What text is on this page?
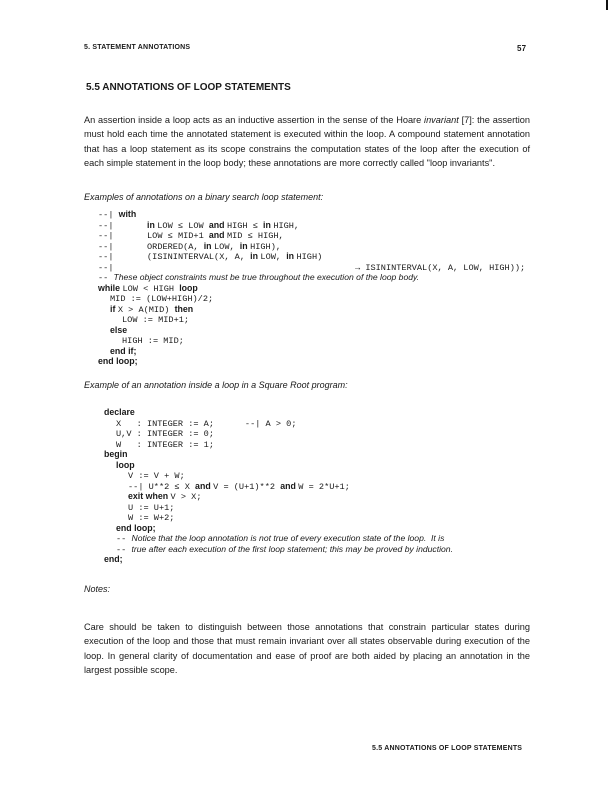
5. STATEMENT ANNOTATIONS	57
5.5 ANNOTATIONS OF LOOP STATEMENTS
An assertion inside a loop acts as an inductive assertion in the sense of the Hoare invariant [7]: the assertion must hold each time the annotated statement is executed within the loop. A compound statement annotation that has a loop statement as its scope constrains the computation states of the loop after the execution of each simple statement in the loop body; these annotations are more correctly called "loop invariants".
Examples of annotations on a binary search loop statement:
--| with
--|
--|
--|
--|
--|
-- These object constraints must be true throughout the execution of the loop body.
while LOW < HIGH loop
MID := (LOW+HIGH)/2;
if X > A(MID) then
LOW := MID+1;
else
HIGH := MID;
end if;
end loop;
in LOW ≤ LOW and HIGH ≤ in HIGH,
LOW ≤ MID+1 and MID ≤ HIGH,
ORDERED(A, in LOW, in HIGH),
(ISININTERVAL(X, A, in LOW, in HIGH)
→ ISININTERVAL(X, A, LOW, HIGH));
Example of an annotation inside a loop in a Square Root program:
declare
X   : INTEGER := A;      --| A > 0;
U,V : INTEGER := 0;
W   : INTEGER := 1;
begin
loop
V := V + W;
--| U**2 ≤ X and V = (U+1)**2 and W = 2*U+1;
exit when V > X;
U := U+1;
W := W+2;
end loop;
-- Notice that the loop annotation is not true of every execution state of the loop.  It is
-- true after each execution of the first loop statement; this may be proved by induction.
end;
Notes:
Care should be taken to distinguish between those annotations that constrain particular states during execution of the loop and those that must remain invariant over all states observable during execution of the loop. In general clarity of documentation and ease of proof are both aided by placing an annotation in the largest possible scope.
5.5 ANNOTATIONS OF LOOP STATEMENTS
